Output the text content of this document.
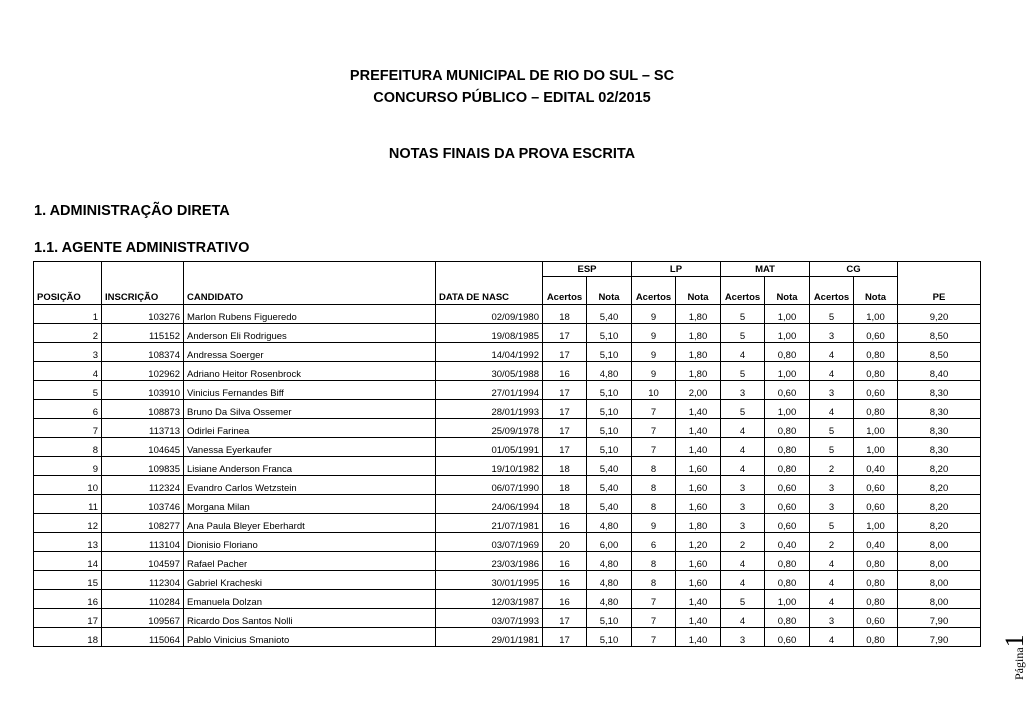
PREFEITURA MUNICIPAL DE RIO DO SUL – SC
CONCURSO PÚBLICO – EDITAL 02/2015
NOTAS FINAIS DA PROVA ESCRITA
1. ADMINISTRAÇÃO DIRETA
1.1. AGENTE ADMINISTRATIVO
				ESP		LP		MAT		CG		
POSIÇÃO	INSCRIÇÃO	CANDIDATO	DATA DE NASC	Acertos	Nota	Acertos	Nota	Acertos	Nota	Acertos	Nota	PE
1	103276	Marlon Rubens Figueredo	02/09/1980	18	5,40	9	1,80	5	1,00	5	1,00	9,20
2	115152	Anderson Eli Rodrigues	19/08/1985	17	5,10	9	1,80	5	1,00	3	0,60	8,50
3	108374	Andressa Soerger	14/04/1992	17	5,10	9	1,80	4	0,80	4	0,80	8,50
4	102962	Adriano Heitor Rosenbrock	30/05/1988	16	4,80	9	1,80	5	1,00	4	0,80	8,40
5	103910	Vinicius Fernandes Biff	27/01/1994	17	5,10	10	2,00	3	0,60	3	0,60	8,30
6	108873	Bruno Da Silva Ossemer	28/01/1993	17	5,10	7	1,40	5	1,00	4	0,80	8,30
7	113713	Odirlei Farinea	25/09/1978	17	5,10	7	1,40	4	0,80	5	1,00	8,30
8	104645	Vanessa Eyerkaufer	01/05/1991	17	5,10	7	1,40	4	0,80	5	1,00	8,30
9	109835	Lisiane Anderson Franca	19/10/1982	18	5,40	8	1,60	4	0,80	2	0,40	8,20
10	112324	Evandro Carlos Wetzstein	06/07/1990	18	5,40	8	1,60	3	0,60	3	0,60	8,20
11	103746	Morgana Milan	24/06/1994	18	5,40	8	1,60	3	0,60	3	0,60	8,20
12	108277	Ana Paula Bleyer Eberhardt	21/07/1981	16	4,80	9	1,80	3	0,60	5	1,00	8,20
13	113104	Dionisio Floriano	03/07/1969	20	6,00	6	1,20	2	0,40	2	0,40	8,00
14	104597	Rafael Pacher	23/03/1986	16	4,80	8	1,60	4	0,80	4	0,80	8,00
15	112304	Gabriel Kracheski	30/01/1995	16	4,80	8	1,60	4	0,80	4	0,80	8,00
16	110284	Emanuela Dolzan	12/03/1987	16	4,80	7	1,40	5	1,00	4	0,80	8,00
17	109567	Ricardo Dos Santos Nolli	03/07/1993	17	5,10	7	1,40	4	0,80	3	0,60	7,90
18	115064	Pablo Vinicius Smanioto	29/01/1981	17	5,10	7	1,40	3	0,60	4	0,80	7,90
Página1
